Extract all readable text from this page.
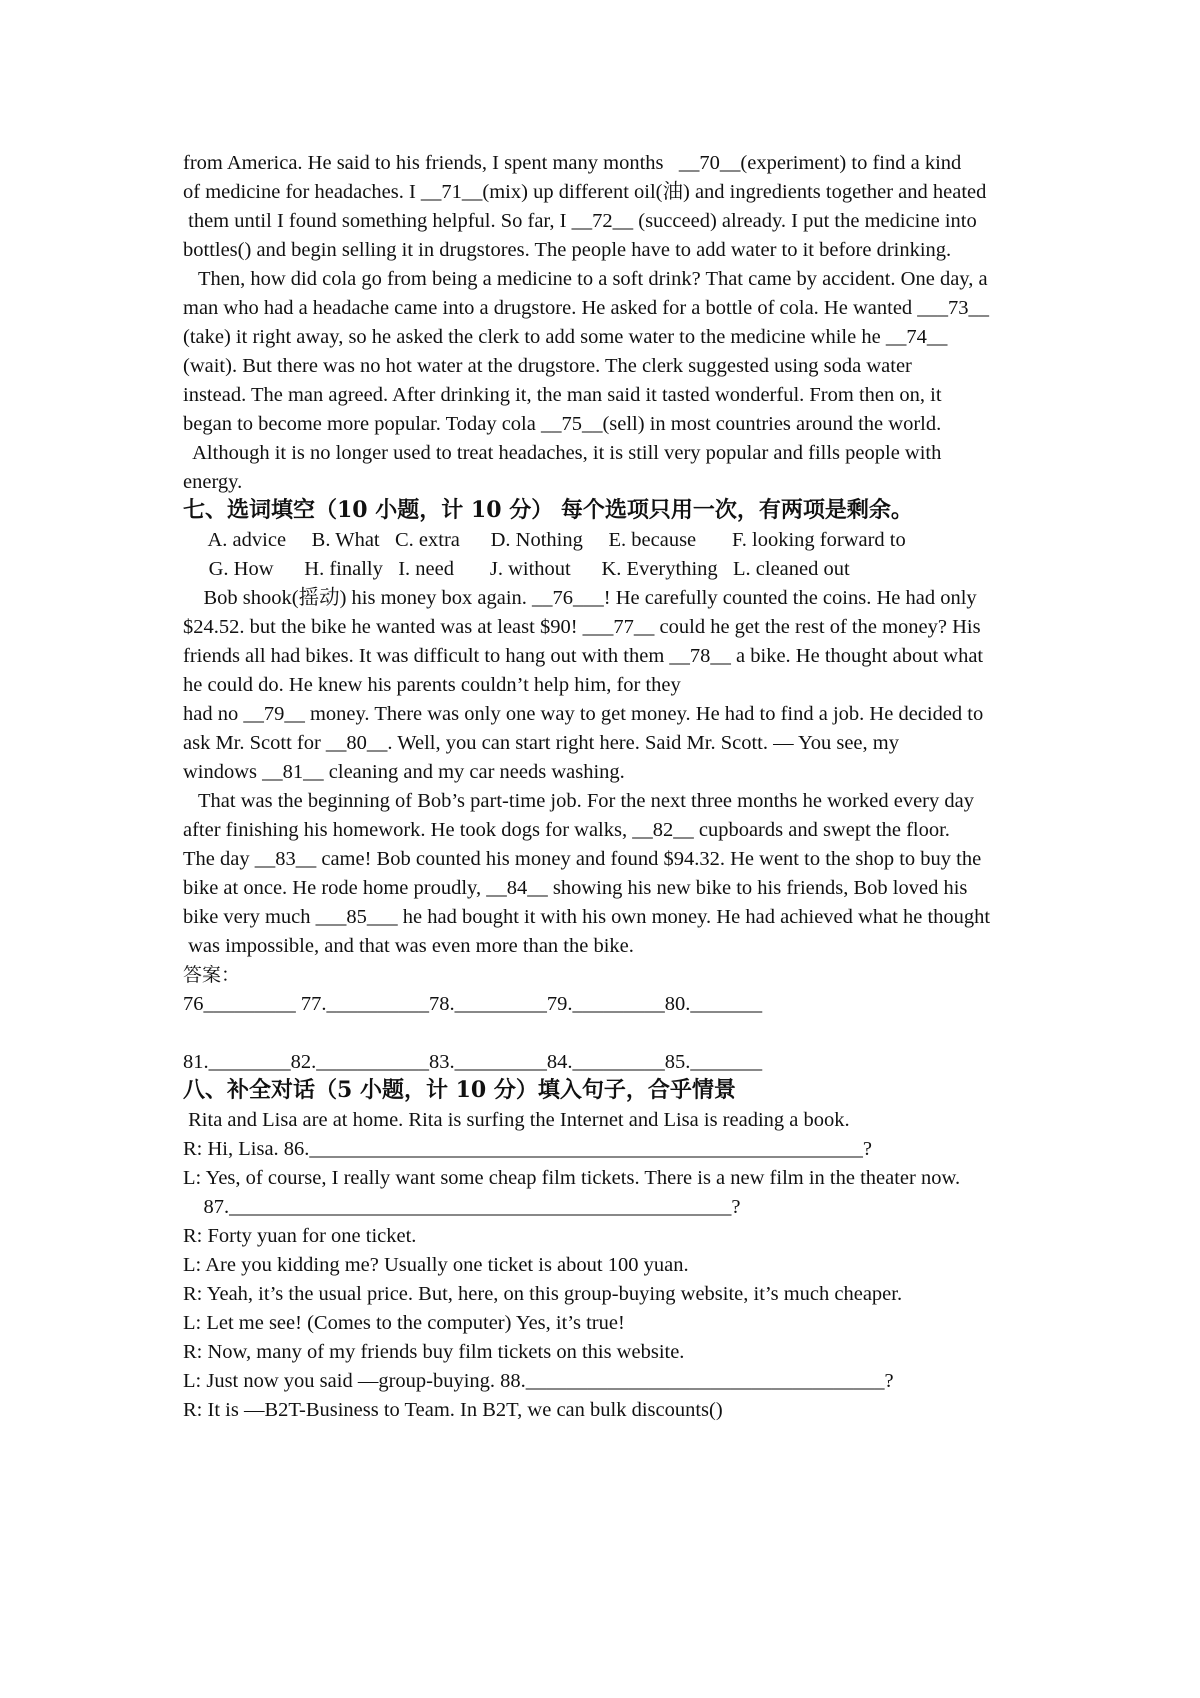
from America. He said to his friends, I spent many months   __70__(experiment) to find a kind
of medicine for headaches. I __71__(mix) up different oil(油) and ingredients together and heated
them until I found something helpful. So far, I __72__ (succeed) already. I put the medicine into
bottles() and begin selling it in drugstores. The people have to add water to it before drinking.
Then, how did cola go from being a medicine to a soft drink? That came by accident. One day, a
man who had a headache came into a drugstore. He asked for a bottle of cola. He wanted ___73__
(take) it right away, so he asked the clerk to add some water to the medicine while he __74__
(wait). But there was no hot water at the drugstore. The clerk suggested using soda water
instead. The man agreed. After drinking it, the man said it tasted wonderful. From then on, it
began to become more popular. Today cola __75__(sell) in most countries around the world.
Although it is no longer used to treat headaches, it is still very popular and fills people with
energy.
七、选词填空（10 小题，计 10 分） 每个选项只用一次，有两项是剩余。
A. advice     B. What   C. extra      D. Nothing     E. because       F. looking forward to
G. How      H. finally   I. need       J. without      K. Everything   L. cleaned out
Bob shook(摇动) his money box again. __76___! He carefully counted the coins. He had only
$24.52. but the bike he wanted was at least $90! ___77__ could he get the rest of the money? His
friends all had bikes. It was difficult to hang out with them __78__ a bike. He thought about what
he could do. He knew his parents couldn’t help him, for they
had no __79__ money. There was only one way to get money. He had to find a job. He decided to
ask Mr. Scott for __80__. Well, you can start right here. Said Mr. Scott. — You see, my
windows __81__ cleaning and my car needs washing.
That was the beginning of Bob’s part-time job. For the next three months he worked every day
after finishing his homework. He took dogs for walks, __82__ cupboards and swept the floor.
The day __83__ came! Bob counted his money and found $94.32. He went to the shop to buy the
bike at once. He rode home proudly, __84__ showing his new bike to his friends, Bob loved his
bike very much ___85___ he had bought it with his own money. He had achieved what he thought
was impossible, and that was even more than the bike.
答案：
76_________ 77.__________78._________79._________80._______
81.________82.___________83._________84._________85._______
八、补全对话（5 小题，计 10 分）填入句子，合乎情景
Rita and Lisa are at home. Rita is surfing the Internet and Lisa is reading a book.
R: Hi, Lisa. 86.______________________________________________________?
L: Yes, of course, I really want some cheap film tickets. There is a new film in the theater now.
87._________________________________________________?
R: Forty yuan for one ticket.
L: Are you kidding me? Usually one ticket is about 100 yuan.
R: Yeah, it’s the usual price. But, here, on this group-buying website, it’s much cheaper.
L: Let me see! (Comes to the computer) Yes, it’s true!
R: Now, many of my friends buy film tickets on this website.
L: Just now you said —group-buying. 88.___________________________________?
R: It is —B2T-Business to Team. In B2T, we can bulk discounts()
